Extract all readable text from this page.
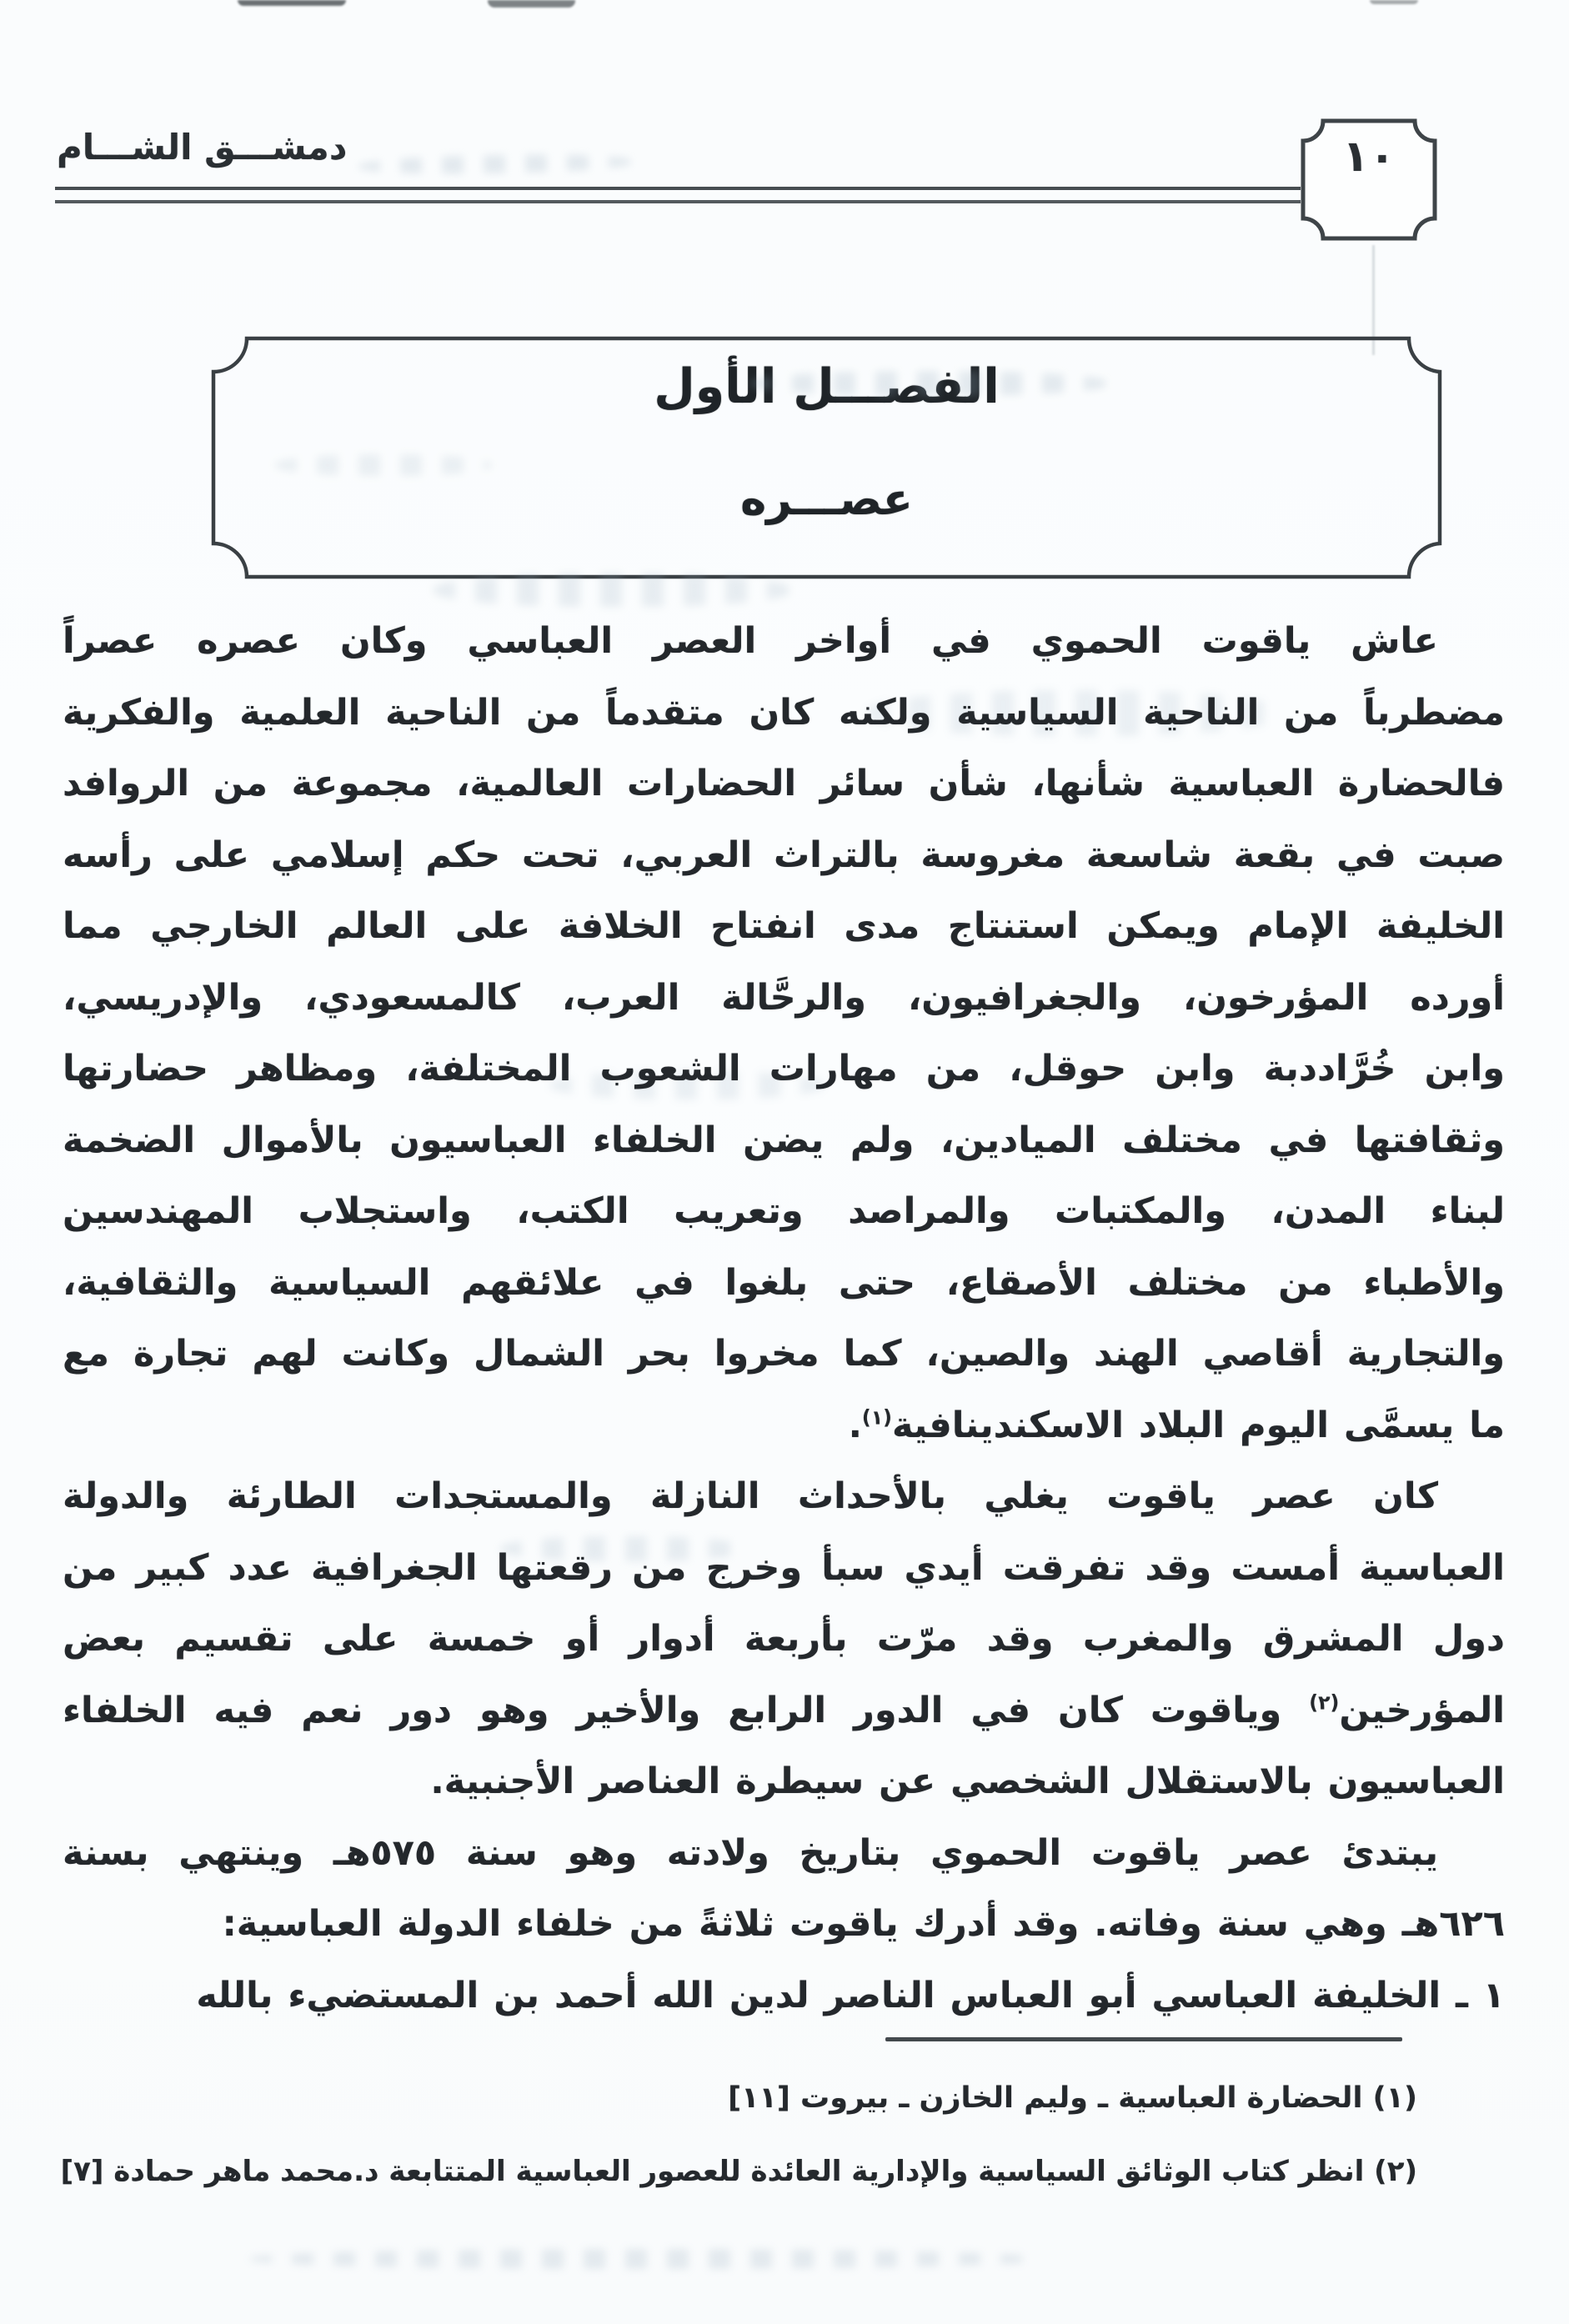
دمشـــق الشـــام	١٠
الفصـــل الأول
عصـــره
عاش ياقوت الحموي في أواخر العصر العباسي وكان عصره عصراً
مضطرباً من الناحية السياسية ولكنه كان متقدماً من الناحية العلمية والفكرية
فالحضارة العباسية شأنها، شأن سائر الحضارات العالمية، مجموعة من الروافد
صبت في بقعة شاسعة مغروسة بالتراث العربي، تحت حكم إسلامي على رأسه
الخليفة الإمام ويمكن استنتاج مدى انفتاح الخلافة على العالم الخارجي مما
أورده المؤرخون، والجغرافيون، والرحَّالة العرب، كالمسعودي، والإدريسي،
وابن خُرَّاددبة وابن حوقل، من مهارات الشعوب المختلفة، ومظاهر حضارتها
وثقافتها في مختلف الميادين، ولم يضن الخلفاء العباسيون بالأموال الضخمة
لبناء المدن، والمكتبات والمراصد وتعريب الكتب، واستجلاب المهندسين
والأطباء من مختلف الأصقاع، حتى بلغوا في علائقهم السياسية والثقافية،
والتجارية أقاصي الهند والصين، كما مخروا بحر الشمال وكانت لهم تجارة مع
ما يسمَّى اليوم البلاد الاسكندينافية$^{(١)}$.
كان عصر ياقوت يغلي بالأحداث النازلة والمستجدات الطارئة والدولة
العباسية أمست وقد تفرقت أيدي سبأ وخرج من رقعتها الجغرافية عدد كبير من
دول المشرق والمغرب وقد مرّت بأربعة أدوار أو خمسة على تقسيم بعض
المؤرخين$^{(٢)}$ وياقوت كان في الدور الرابع والأخير وهو دور نعم فيه الخلفاء
العباسيون بالاستقلال الشخصي عن سيطرة العناصر الأجنبية.
يبتدئ عصر ياقوت الحموي بتاريخ ولادته وهو سنة ٥٧٥هـ وينتهي بسنة
٦٢٦هـ وهي سنة وفاته. وقد أدرك ياقوت ثلاثةً من خلفاء الدولة العباسية:
١ ـ الخليفة العباسي أبو العباس الناصر لدين الله أحمد بن المستضيء بالله
(١) الحضارة العباسية ـ وليم الخازن ـ بيروت [١١]
(٢) انظر كتاب الوثائق السياسية والإدارية العائدة للعصور العباسية المتتابعة د.محمد ماهر حمادة [٧]
